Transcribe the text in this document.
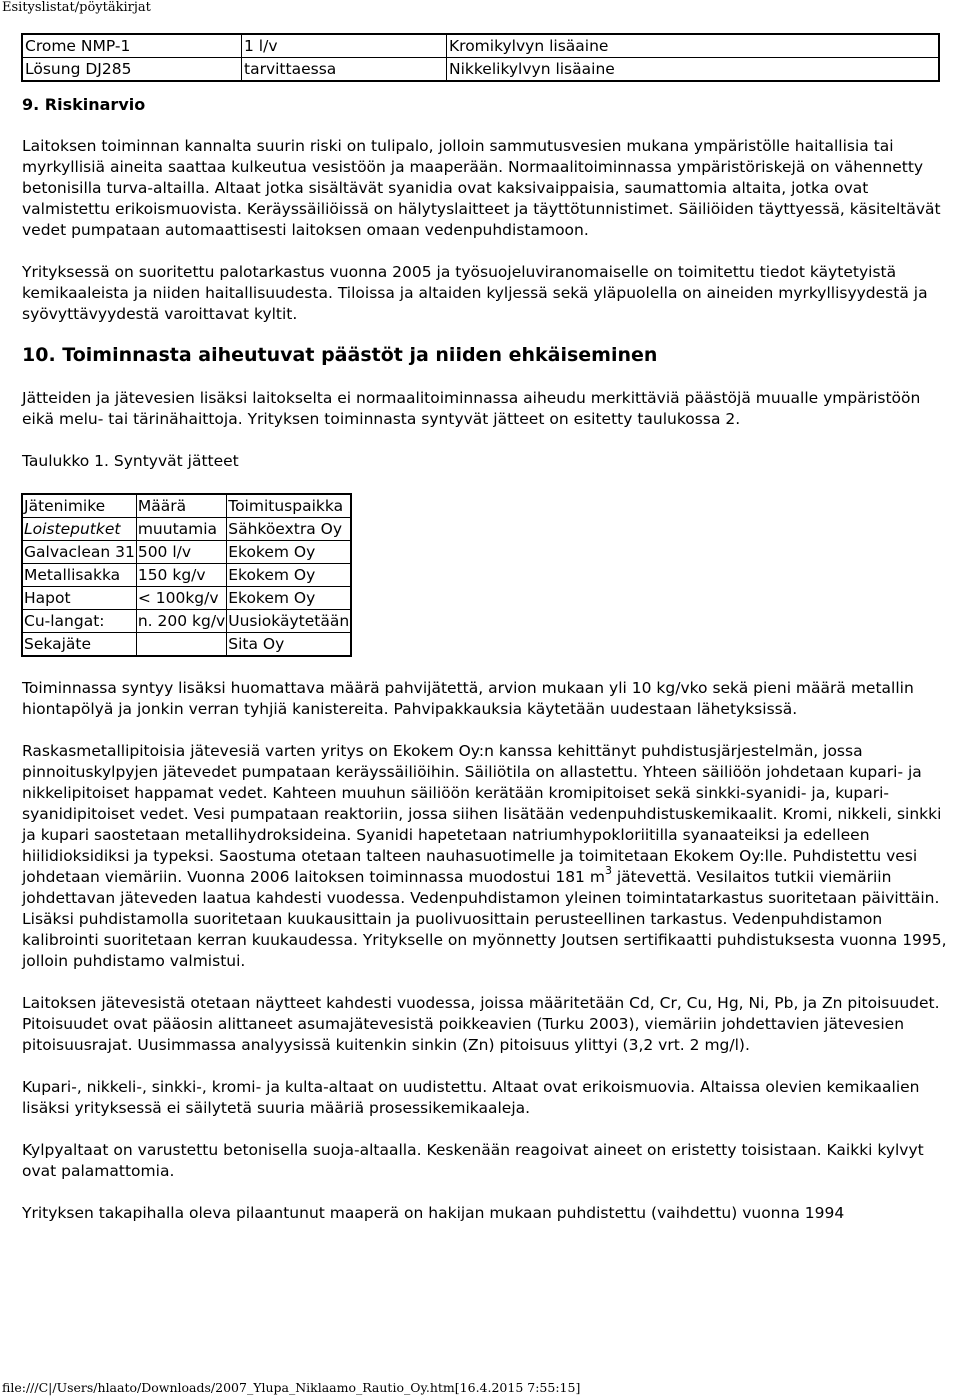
Esityslistat/pöytäkirjat
Crome NMP-1	1 l/v	Kromikylvyn lisäaine
Lösung DJ285	tarvittaessa	Nikkelikylvyn lisäaine

9. Riskinarvio

Laitoksen toiminnan kannalta suurin riski on tulipalo, jolloin sammutusvesien mukana ympäristölle haitallisia tai myrkyllisiä aineita saattaa kulkeutua vesistöön ja maaperään. Normaalitoiminnassa ympäristöriskejä on vähennetty betonisilla turva-altailla. Altaat jotka sisältävät syanidia ovat kaksivaippaisia, saumattomia altaita, jotka ovat valmistettu erikoismuovista. Keräyssäiliöissä on hälytyslaitteet ja täyttötunnistimet. Säiliöiden täyttyessä, käsiteltävät vedet pumpataan automaattisesti laitoksen omaan vedenpuhdistamoon.

Yrityksessä on suoritettu palotarkastus vuonna 2005 ja työsuojeluviranomaiselle on toimitettu tiedot käytetyistä kemikaaleista ja niiden haitallisuudesta. Tiloissa ja altaiden kyljessä sekä yläpuolella on aineiden myrkyllisyydestä ja syövyttävyydestä varoittavat kyltit.

10. Toiminnasta aiheutuvat päästöt ja niiden ehkäiseminen

Jätteiden ja jätevesien lisäksi laitokselta ei normaalitoiminnassa aiheudu merkittäviä päästöjä muualle ympäristöön eikä melu- tai tärinähaittoja. Yrityksen toiminnasta syntyvät jätteet on esitetty taulukossa 2.

Taulukko 1. Syntyvät jätteet

Jätenimike	Määrä	Toimituspaikka
Loisteputket	muutamia	Sähköextra Oy
Galvaclean 31	500 l/v	Ekokem Oy
Metallisakka	150 kg/v	Ekokem Oy
Hapot	< 100kg/v	Ekokem Oy
Cu-langat:	n. 200 kg/v	Uusiokäytetään
Sekajäte		Sita Oy

Toiminnassa syntyy lisäksi huomattava määrä pahvijätettä, arvion mukaan yli 10 kg/vko sekä pieni määrä metallin hiontapölyä ja jonkin verran tyhjiä kanistereita. Pahvipakkauksia käytetään uudestaan lähetyksissä.

Raskasmetallipitoisia jätevesiä varten yritys on Ekokem Oy:n kanssa kehittänyt puhdistusjärjestelmän, jossa pinnoituskylpyjen jätevedet pumpataan keräyssäiliöihin. Säiliötila on allastettu. Yhteen säiliöön johdetaan kupari- ja nikkelipitoiset happamat vedet. Kahteen muuhun säiliöön kerätään kromipitoiset sekä sinkki-syanidi- ja, kupari-syanidipitoiset vedet. Vesi pumpataan reaktoriin, jossa siihen lisätään vedenpuhdistuskemikaalit. Kromi, nikkeli, sinkki ja kupari saostetaan metallihydroksideina. Syanidi hapetetaan natriumhypokloriitilla syanaateiksi ja edelleen hiilidioksidiksi ja typeksi. Saostuma otetaan talteen nauhasuotimelle ja toimitetaan Ekokem Oy:lle. Puhdistettu vesi johdetaan viemäriin. Vuonna 2006 laitoksen toiminnassa muodostui 181 $m^3$ jätevettä. Vesilaitos tutkii viemäriin johdettavan jäteveden laatua kahdesti vuodessa. Vedenpuhdistamon yleinen toimintatarkastus suoritetaan päivittäin. Lisäksi puhdistamolla suoritetaan kuukausittain ja puolivuosittain perusteellinen tarkastus. Vedenpuhdistamon kalibrointi suoritetaan kerran kuukaudessa. Yritykselle on myönnetty Joutsen sertifikaatti puhdistuksesta vuonna 1995, jolloin puhdistamo valmistui.

Laitoksen jätevesistä otetaan näytteet kahdesti vuodessa, joissa määritetään Cd, Cr, Cu, Hg, Ni, Pb, ja Zn pitoisuudet. Pitoisuudet ovat pääosin alittaneet asumajätevesistä poikkeavien (Turku 2003), viemäriin johdettavien jätevesien pitoisuusrajat. Uusimmassa analyysissä kuitenkin sinkin (Zn) pitoisuus ylittyi (3,2 vrt. 2 mg/l).

Kupari-, nikkeli-, sinkki-, kromi- ja kulta-altaat on uudistettu. Altaat ovat erikoismuovia. Altaissa olevien kemikaalien lisäksi yrityksessä ei säilytetä suuria määriä prosessikemikaaleja.

Kylpyaltaat on varustettu betonisella suoja-altaalla. Keskenään reagoivat aineet on eristetty toisistaan. Kaikki kylvyt ovat palamattomia.

Yrityksen takapihalla oleva pilaantunut maaperä on hakijan mukaan puhdistettu (vaihdettu) vuonna 1994

file:///C|/Users/hlaato/Downloads/2007_Ylupa_Niklaamo_Rautio_Oy.htm[16.4.2015 7:55:15]
